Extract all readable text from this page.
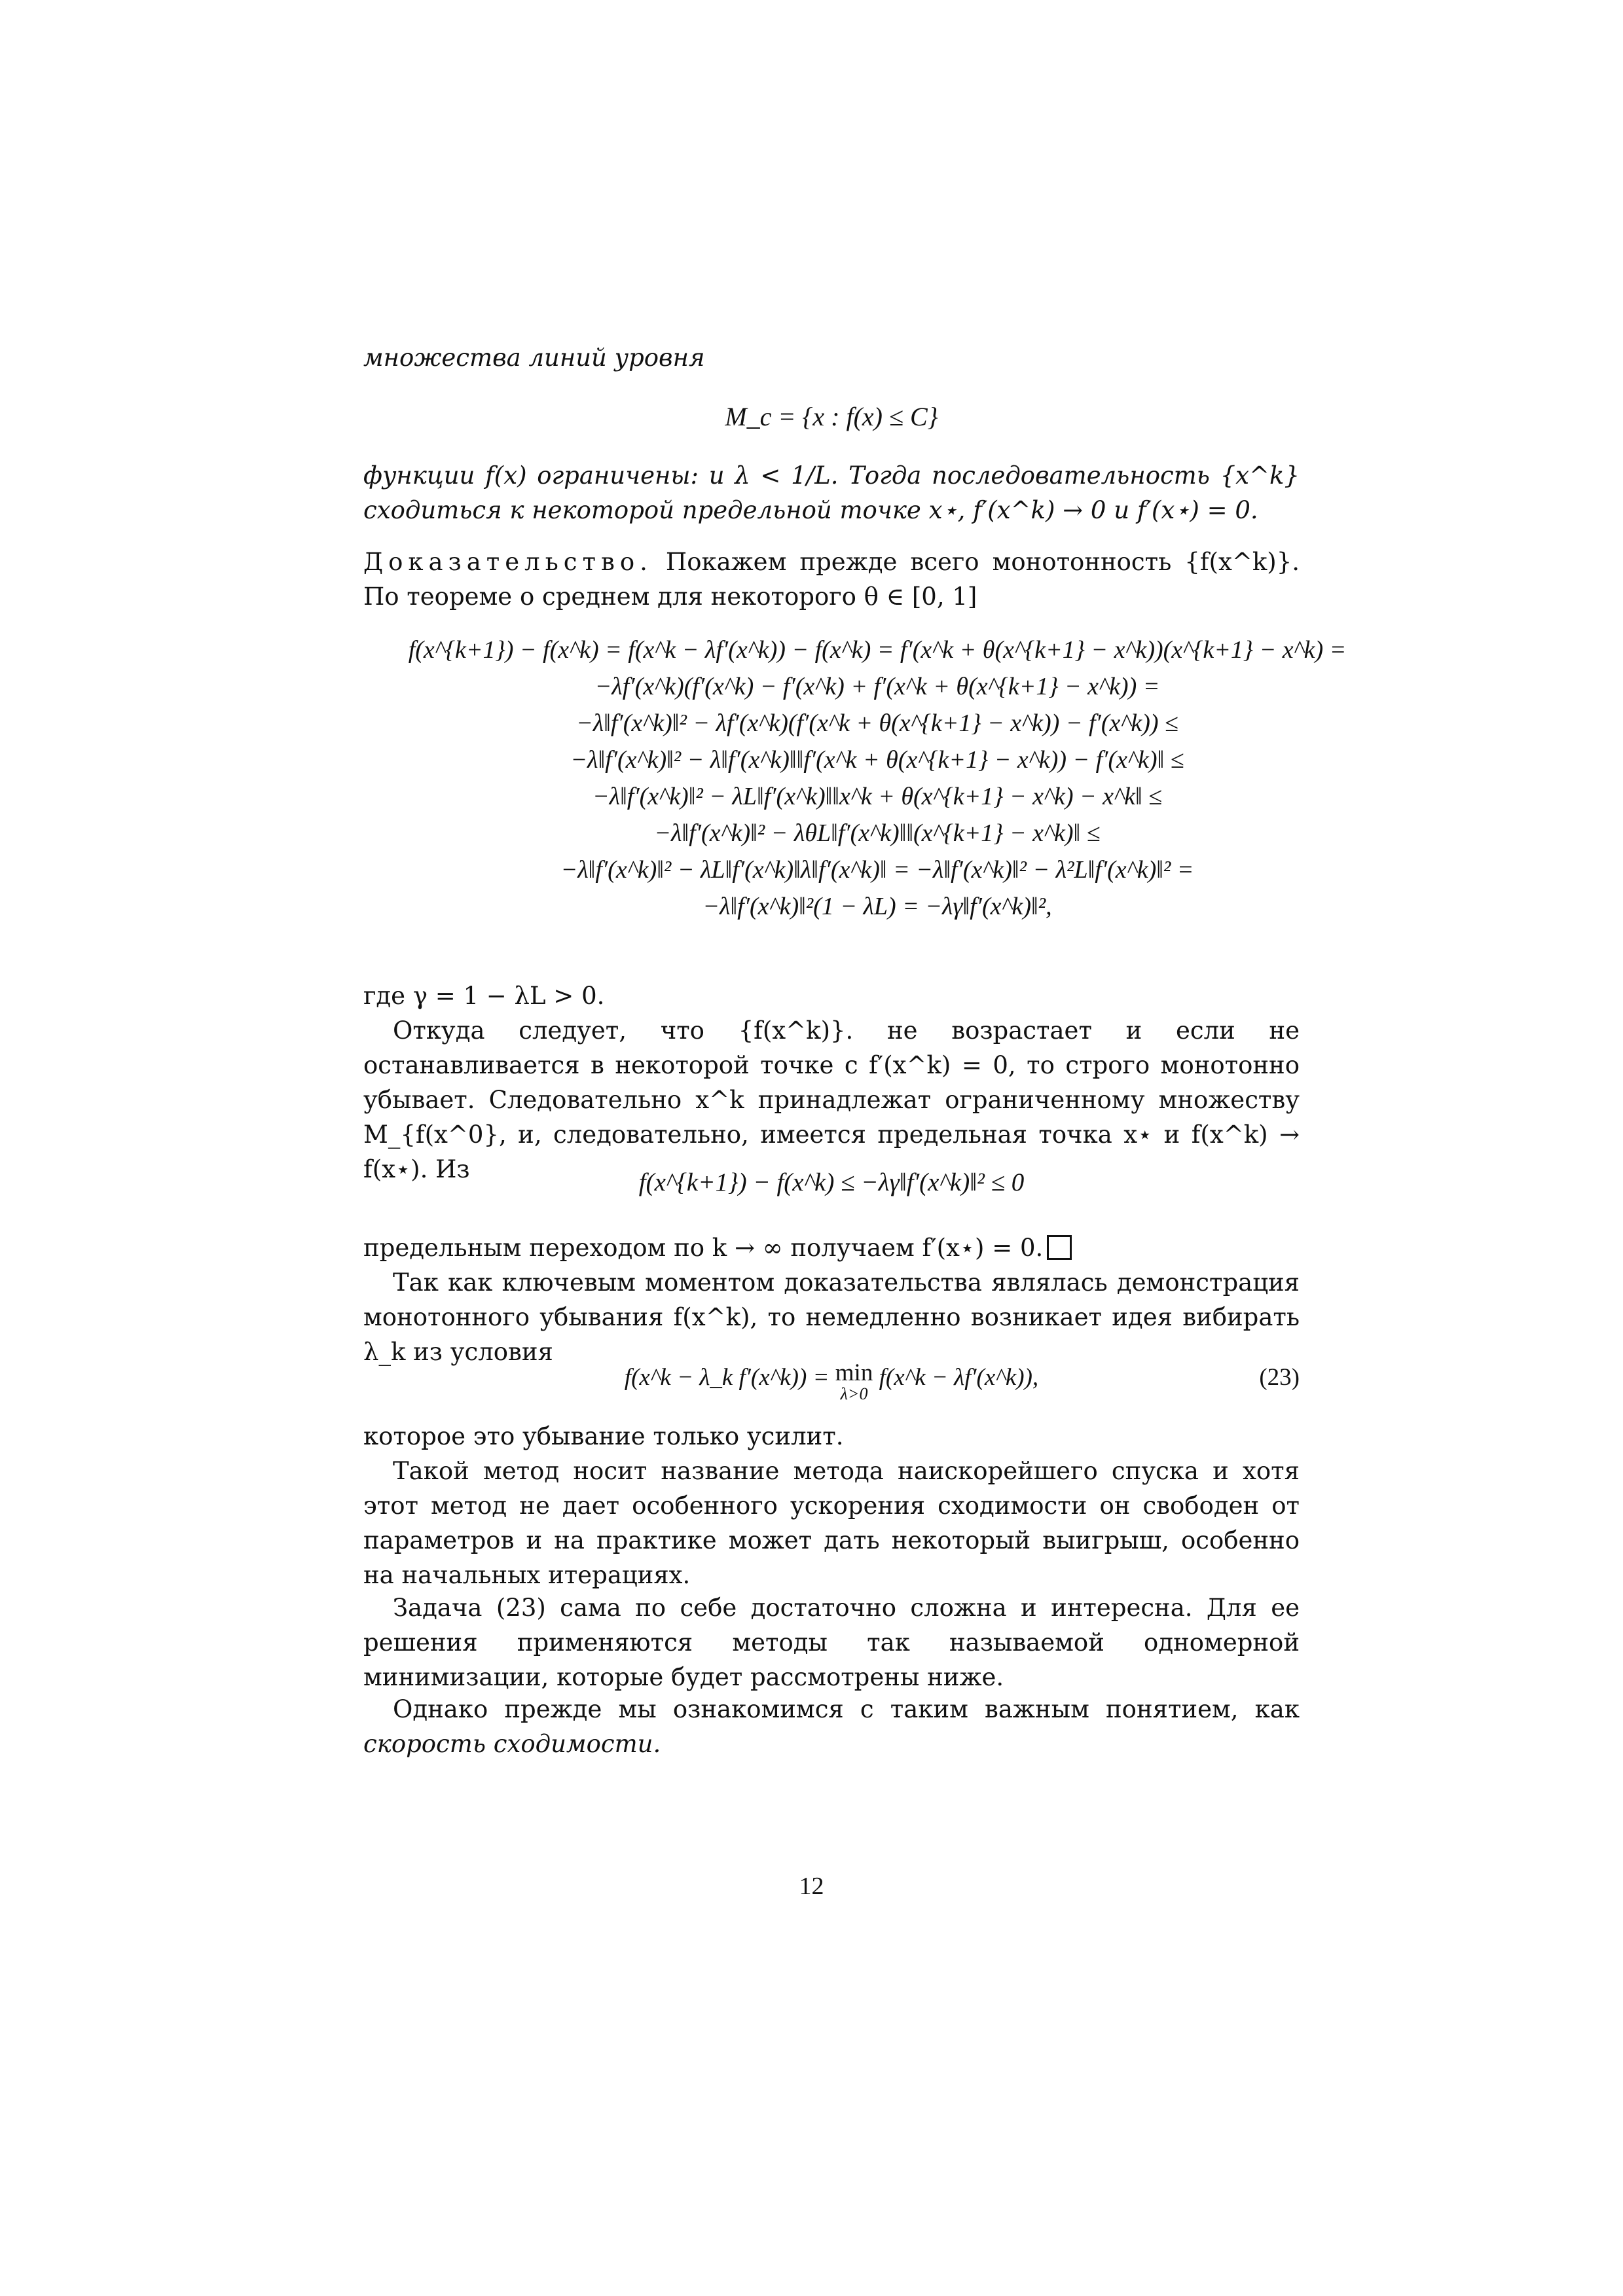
множества линий уровня
M_c = {x : f(x) ≤ C}
функции f(x) ограничены: и λ < 1/L. Тогда последовательность {x^k} сходиться к некоторой предельной точке x⋆, f′(x^k) → 0 и f′(x⋆) = 0.
Доказательство. Покажем прежде всего монотонность {f(x^k)}. По теореме о среднем для некоторого θ ∈ [0, 1]
f(x^{k+1}) − f(x^k) = f(x^k − λf′(x^k)) − f(x^k) = f′(x^k + θ(x^{k+1} − x^k))(x^{k+1} − x^k) =
−λf′(x^k)(f′(x^k) − f′(x^k) + f′(x^k + θ(x^{k+1} − x^k)) =
−λ‖f′(x^k)‖² − λf′(x^k)(f′(x^k + θ(x^{k+1} − x^k)) − f′(x^k)) ≤
−λ‖f′(x^k)‖² − λ‖f′(x^k)‖‖f′(x^k + θ(x^{k+1} − x^k)) − f′(x^k)‖ ≤
−λ‖f′(x^k)‖² − λL‖f′(x^k)‖‖x^k + θ(x^{k+1} − x^k) − x^k‖ ≤
−λ‖f′(x^k)‖² − λθL‖f′(x^k)‖‖(x^{k+1} − x^k)‖ ≤
−λ‖f′(x^k)‖² − λL‖f′(x^k)‖λ‖f′(x^k)‖ = −λ‖f′(x^k)‖² − λ²L‖f′(x^k)‖² =
−λ‖f′(x^k)‖²(1 − λL) = −λγ‖f′(x^k)‖²,
где γ = 1 − λL > 0.
Откуда следует, что {f(x^k)}. не возрастает и если не останавливается в некоторой точке с f′(x^k) = 0, то строго монотонно убывает. Следовательно x^k принадлежат ограниченному множеству M_{f(x^0}, и, следовательно, имеется предельная точка x⋆ и f(x^k) → f(x⋆). Из	f(x^{k+1}) − f(x^k) ≤ −λγ‖f′(x^k)‖² ≤ 0
предельным переходом по k → ∞ получаем f′(x⋆) = 0.
Так как ключевым моментом доказательства являлась демонстрация монотонного убывания f(x^k), то немедленно возникает идея вибирать λ_k из условия
f(x^k − λ_k f′(x^k)) = min
λ>0
f(x^k − λf′(x^k)),	(23)
которое это убывание только усилит.
Такой метод носит название метода наискорейшего спуска и хотя этот метод не дает особенного ускорения сходимости он свободен от параметров и на практике может дать некоторый выигрыш, особенно на начальных итерациях.
Задача (23) сама по себе достаточно сложна и интересна. Для ее решения применяются методы так называемой одномерной минимизации, которые будет рассмотрены ниже.
Однако прежде мы ознакомимся с таким важным понятием, как скорость сходимости.
12
